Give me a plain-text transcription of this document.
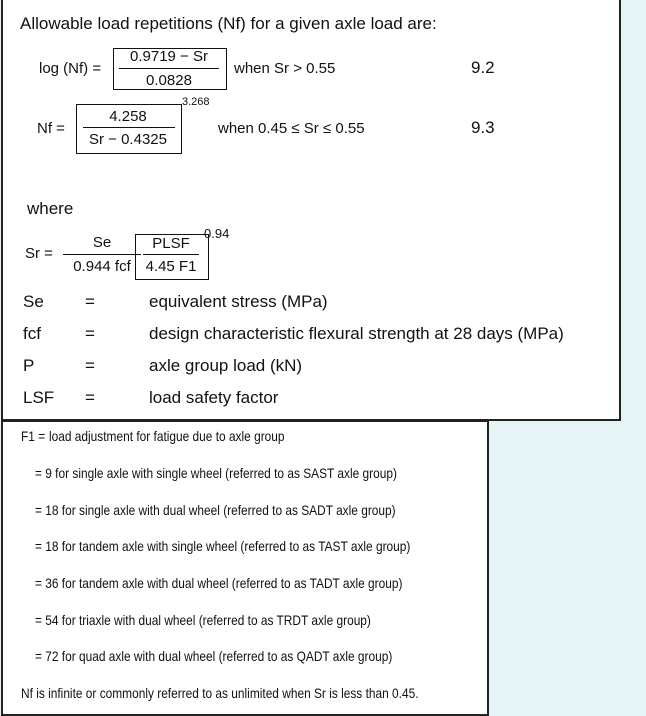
Allowable load repetitions (Nf) for a given axle load are:
log (Nf) =
0.9719 − Sr
0.0828
when Sr > 0.55	9.2
Nf =
4.258
Sr − 0.4325
3.268
when 0.45 ≤ Sr ≤ 0.55	9.3
where
Sr =
Se
0.944 fcf
PLSF
4.45 F1
0.94
Se =	equivalent stress (MPa)
fcf	=	design characteristic flexural strength at 28 days (MPa)
P	=	axle group load (kN)
LSF =	load safety factor
F1 = load adjustment for fatigue due to axle group
= 9 for single axle with single wheel (referred to as SAST axle group)
= 18 for single axle with dual wheel (referred to as SADT axle group)
= 18 for tandem axle with single wheel (referred to as TAST axle group)
= 36 for tandem axle with dual wheel (referred to as TADT axle group)
= 54 for triaxle with dual wheel (referred to as TRDT axle group)
= 72 for quad axle with dual wheel (referred to as QADT axle group)
Nf is infinite or commonly referred to as unlimited when Sr is less than 0.45.
